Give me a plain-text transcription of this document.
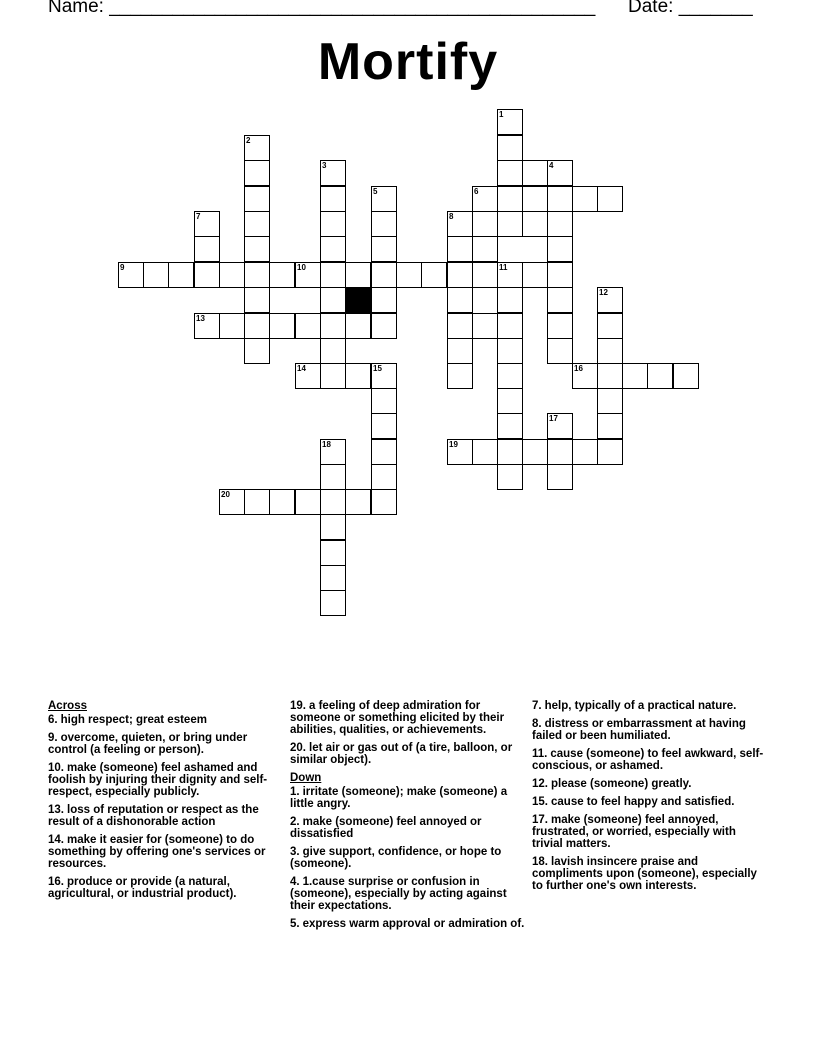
Name: ______________________________________________ Date: _______
Mortify
1
2
3	4
5	6
7	8
9	10	11
12
13
14	15	16
17
18	19
20
Across
6. high respect; great esteem
9. overcome, quieten, or bring under control (a feeling or person).
10. make (someone) feel ashamed and foolish by injuring their dignity and self-respect, especially publicly.
13. loss of reputation or respect as the result of a dishonorable action
14. make it easier for (someone) to do something by offering one's services or resources.
16. produce or provide (a natural, agricultural, or industrial product).
19. a feeling of deep admiration for someone or something elicited by their abilities, qualities, or achievements.
20. let air or gas out of (a tire, balloon, or similar object).
Down
1. irritate (someone); make (someone) a little angry.
2. make (someone) feel annoyed or dissatisfied
3. give support, confidence, or hope to (someone).
4. 1.cause surprise or confusion in (someone), especially by acting against their expectations.
5. express warm approval or admiration of.
7. help, typically of a practical nature.
8. distress or embarrassment at having failed or been humiliated.
11. cause (someone) to feel awkward, self-conscious, or ashamed.
12. please (someone) greatly.
15. cause to feel happy and satisfied.
17. make (someone) feel annoyed, frustrated, or worried, especially with trivial matters.
18. lavish insincere praise and compliments upon (someone), especially to further one's own interests.
